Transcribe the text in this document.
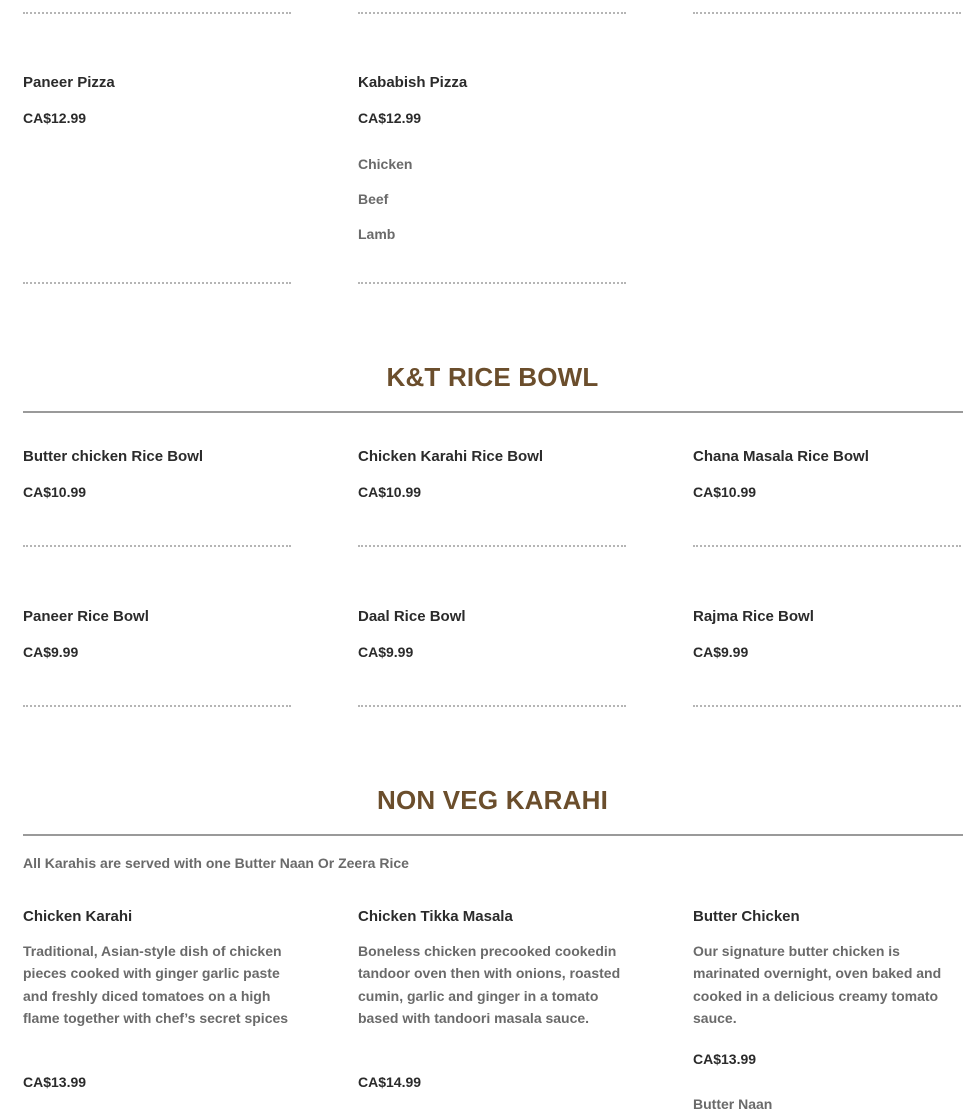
Paneer Pizza
CA$12.99
Kababish Pizza
CA$12.99
Chicken
Beef
Lamb
K&T RICE BOWL
Butter chicken Rice Bowl
CA$10.99
Chicken Karahi Rice Bowl
CA$10.99
Chana Masala Rice Bowl
CA$10.99
Paneer Rice Bowl
CA$9.99
Daal Rice Bowl
CA$9.99
Rajma Rice Bowl
CA$9.99
NON VEG KARAHI
All Karahis are served with one Butter Naan Or Zeera Rice
Chicken Karahi
Traditional, Asian-style dish of chicken pieces cooked with ginger garlic paste and freshly diced tomatoes on a high flame together with chef’s secret spices
CA$13.99
Chicken Tikka Masala
Boneless chicken precooked cookedin tandoor oven then with onions, roasted cumin, garlic and ginger in a tomato based with tandoori masala sauce.
CA$14.99
Butter Chicken
Our signature butter chicken is marinated overnight, oven baked and cooked in a delicious creamy tomato sauce.
CA$13.99
Butter Naan
